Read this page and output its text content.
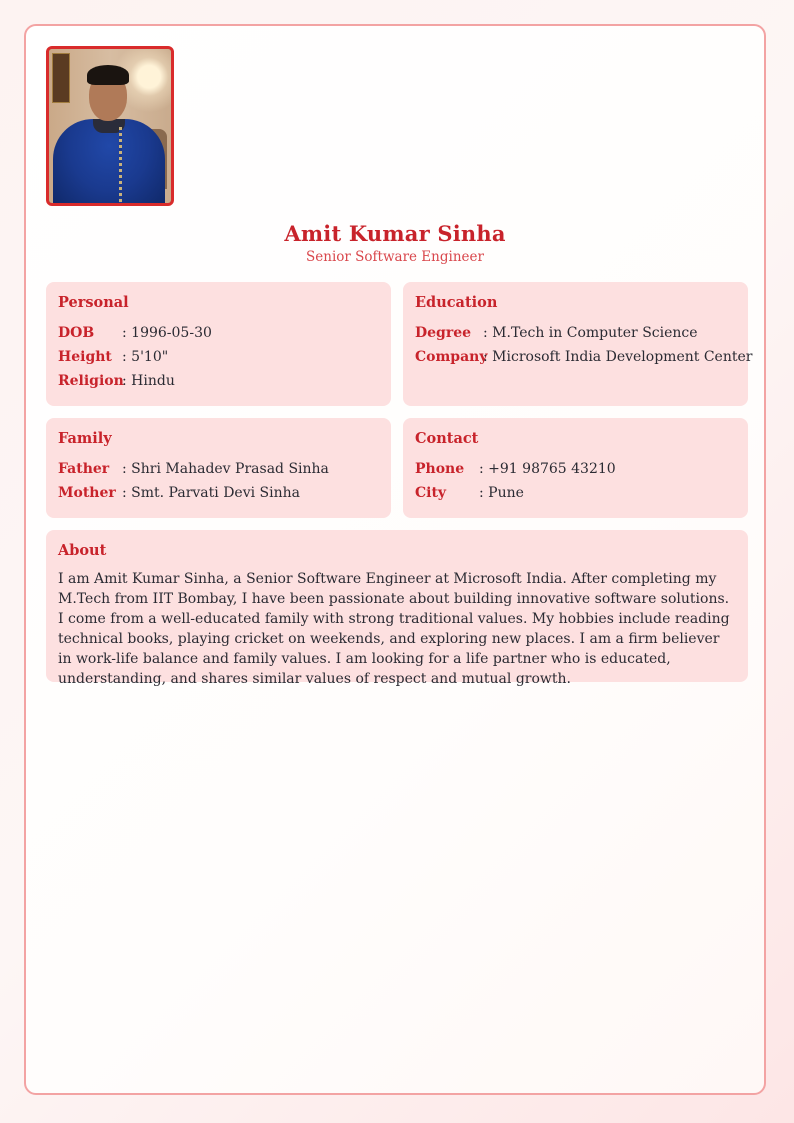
Amit Kumar Sinha
Senior Software Engineer
Personal
DOB	: 1996-05-30
Height : 5'10"
Religion
: Hindu
Education
Degree : M.Tech in Computer Science
Company
: Microsoft India Development Center
Family
Father : Shri Mahadev Prasad Sinha
Mother : Smt. Parvati Devi Sinha
Contact
Phone	: +91 98765 43210
City	: Pune
About

I am Amit Kumar Sinha, a Senior Software Engineer at Microsoft India. After completing my M.Tech from IIT Bombay, I have been passionate about building innovative software solutions. I come from a well-educated family with strong traditional values. My hobbies include reading technical books, playing cricket on weekends, and exploring new places. I am a firm believer in work-life balance and family values. I am looking for a life partner who is educated, understanding, and shares similar values of respect and mutual growth.
